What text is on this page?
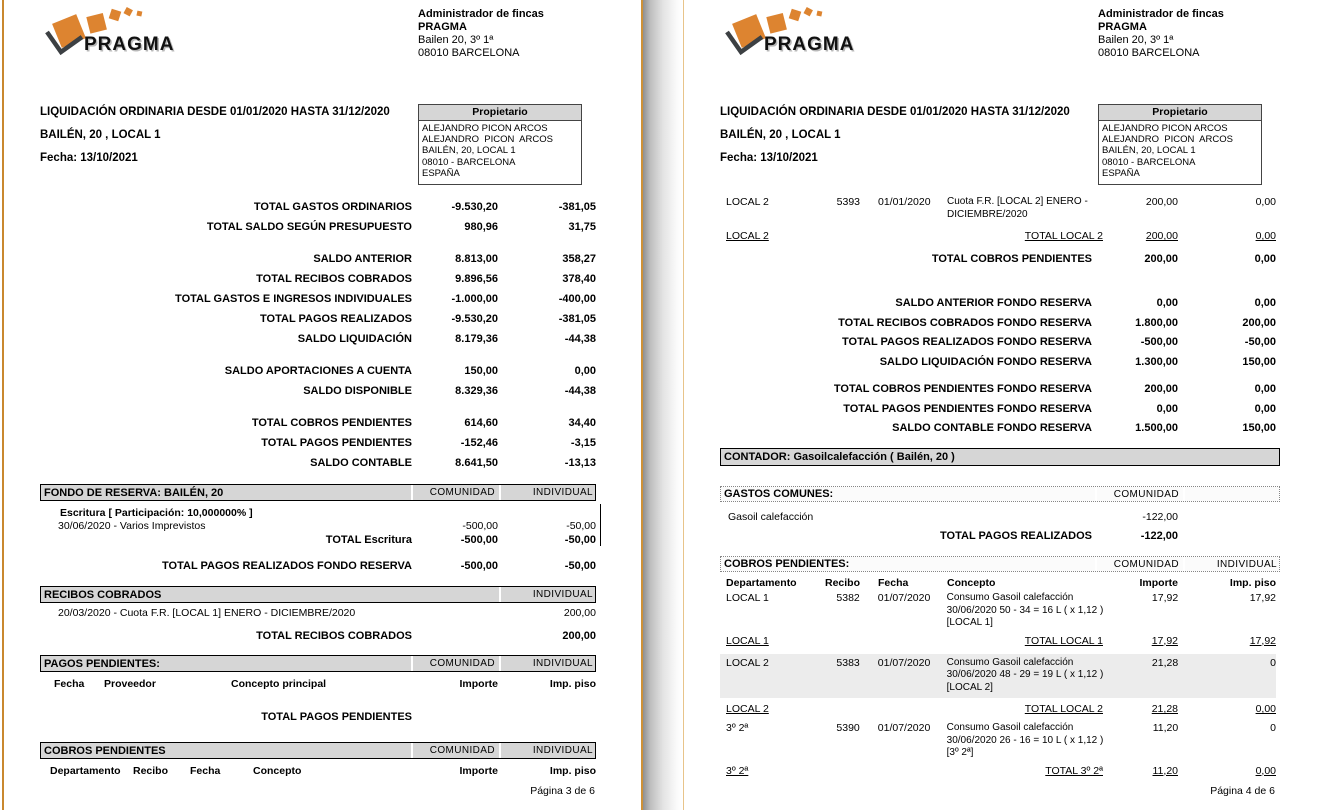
PRAGMA
Administrador de fincas
PRAGMA
Bailen 20, 3º 1ª
08010 BARCELONA
LIQUIDACIÓN ORDINARIA DESDE 01/01/2020 HASTA 31/12/2020
BAILÉN, 20 , LOCAL 1
Fecha: 13/10/2021
Propietario
ALEJANDRO PICON ARCOS
ALEJANDRO  PICON  ARCOS
BAILÉN, 20, LOCAL 1
08010 - BARCELONA
ESPAÑA
TOTAL GASTOS ORDINARIOS	-9.530,20	-381,05
TOTAL SALDO SEGÚN PRESUPUESTO	980,96	31,75
SALDO ANTERIOR	8.813,00	358,27
TOTAL RECIBOS COBRADOS	9.896,56	378,40
TOTAL GASTOS E INGRESOS INDIVIDUALES	-1.000,00	-400,00
TOTAL PAGOS REALIZADOS	-9.530,20	-381,05
SALDO LIQUIDACIÓN	8.179,36	-44,38
SALDO APORTACIONES A CUENTA	150,00	0,00
SALDO DISPONIBLE	8.329,36	-44,38
TOTAL COBROS PENDIENTES	614,60	34,40
TOTAL PAGOS PENDIENTES	-152,46	-3,15
SALDO CONTABLE	8.641,50	-13,13
FONDO DE RESERVA: BAILÉN, 20	COMUNIDAD	INDIVIDUAL
Escritura [ Participación: 10,000000% ]
30/06/2020 - Varios Imprevistos	-500,00	-50,00
TOTAL Escritura	-500,00	-50,00
TOTAL PAGOS REALIZADOS FONDO RESERVA	-500,00	-50,00
RECIBOS COBRADOS	INDIVIDUAL
20/03/2020 - Cuota F.R. [LOCAL 1] ENERO - DICIEMBRE/2020	200,00
TOTAL RECIBOS COBRADOS	200,00
PAGOS PENDIENTES:	COMUNIDAD	INDIVIDUAL
Fecha	Proveedor	Concepto principal	Importe	Imp. piso
TOTAL PAGOS PENDIENTES
COBROS PENDIENTES	COMUNIDAD	INDIVIDUAL
Departamento	Recibo	Fecha	Concepto	Importe	Imp. piso
Página 3 de 6
PRAGMA
Administrador de fincas
PRAGMA
Bailen 20, 3º 1ª
08010 BARCELONA
LIQUIDACIÓN ORDINARIA DESDE 01/01/2020 HASTA 31/12/2020
BAILÉN, 20 , LOCAL 1
Fecha: 13/10/2021
Propietario
ALEJANDRO PICON ARCOS
ALEJANDRO  PICON  ARCOS
BAILÉN, 20, LOCAL 1
08010 - BARCELONA
ESPAÑA
LOCAL 2	5393	01/01/2020	Cuota F.R. [LOCAL 2] ENERO -
DICIEMBRE/2020
200,00	0,00
LOCAL 2	TOTAL LOCAL 2	200,00	0,00
TOTAL COBROS PENDIENTES	200,00	0,00
SALDO ANTERIOR FONDO RESERVA	0,00	0,00
TOTAL RECIBOS COBRADOS FONDO RESERVA	1.800,00	200,00
TOTAL PAGOS REALIZADOS FONDO RESERVA	-500,00	-50,00
SALDO LIQUIDACIÓN FONDO RESERVA	1.300,00	150,00
TOTAL COBROS PENDIENTES FONDO RESERVA	200,00	0,00
TOTAL PAGOS PENDIENTES FONDO RESERVA	0,00	0,00
SALDO CONTABLE FONDO RESERVA	1.500,00	150,00
CONTADOR: Gasoilcalefacción ( Bailén, 20 )
GASTOS COMUNES:	COMUNIDAD
Gasoil calefacción	-122,00
TOTAL PAGOS REALIZADOS	-122,00
COBROS PENDIENTES:	COMUNIDAD	INDIVIDUAL
Departamento	Recibo	Fecha	Concepto	Importe	Imp. piso
LOCAL 1	5382	01/07/2020	Consumo Gasoil calefacción
30/06/2020 50 - 34 = 16 L ( x 1,12 )
[LOCAL 1]
17,92	17,92
LOCAL 1	TOTAL LOCAL 1	17,92	17,92
LOCAL 2	5383	01/07/2020	Consumo Gasoil calefacción
30/06/2020 48 - 29 = 19 L ( x 1,12 )
[LOCAL 2]
21,28	0
LOCAL 2	TOTAL LOCAL 2	21,28	0,00
3º 2ª	5390	01/07/2020	Consumo Gasoil calefacción
30/06/2020 26 - 16 = 10 L ( x 1,12 )
[3º 2ª]
11,20	0
3º 2ª	TOTAL 3º 2ª	11,20	0,00
Página 4 de 6
